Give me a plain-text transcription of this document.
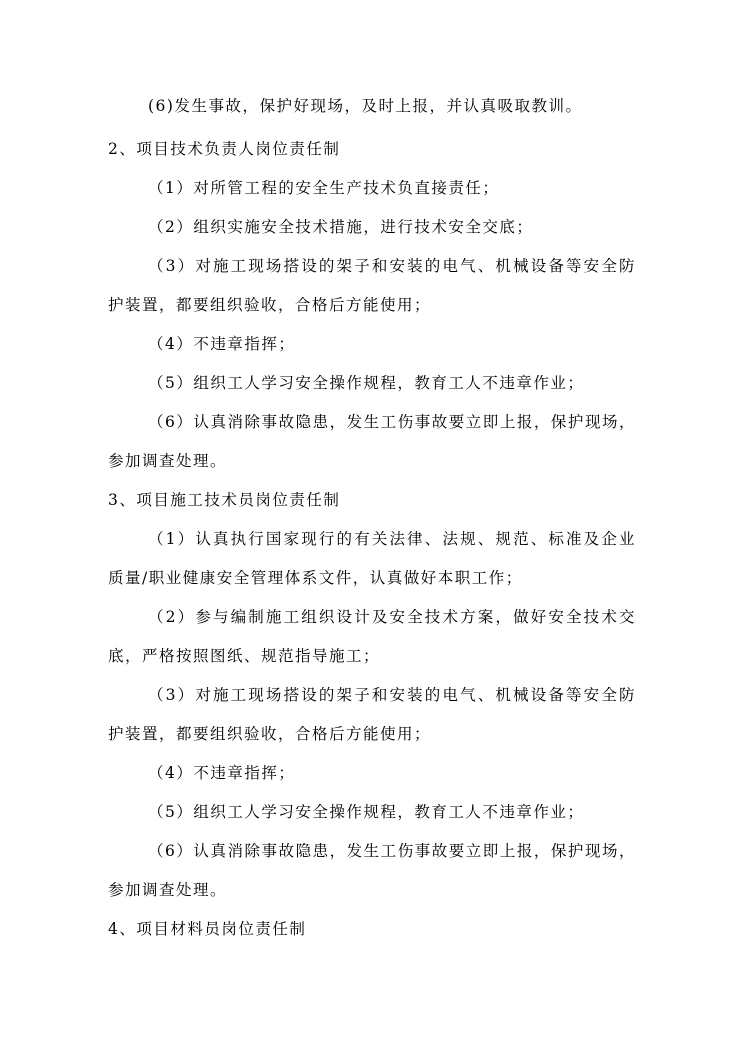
(6)发生事故，保护好现场，及时上报，并认真吸取教训。
2、项目技术负责人岗位责任制
（1）对所管工程的安全生产技术负直接责任；
（2）组织实施安全技术措施，进行技术安全交底；
（3）对施工现场搭设的架子和安装的电气、机械设备等安全防
护装置，都要组织验收，合格后方能使用；
（4）不违章指挥；
（5）组织工人学习安全操作规程，教育工人不违章作业；
（6）认真消除事故隐患，发生工伤事故要立即上报，保护现场，
参加调查处理。
3、项目施工技术员岗位责任制
（1）认真执行国家现行的有关法律、法规、规范、标准及企业
质量/职业健康安全管理体系文件，认真做好本职工作；
（2）参与编制施工组织设计及安全技术方案，做好安全技术交
底，严格按照图纸、规范指导施工；
（3）对施工现场搭设的架子和安装的电气、机械设备等安全防
护装置，都要组织验收，合格后方能使用；
（4）不违章指挥；
（5）组织工人学习安全操作规程，教育工人不违章作业；
（6）认真消除事故隐患，发生工伤事故要立即上报，保护现场，
参加调查处理。
4、项目材料员岗位责任制
